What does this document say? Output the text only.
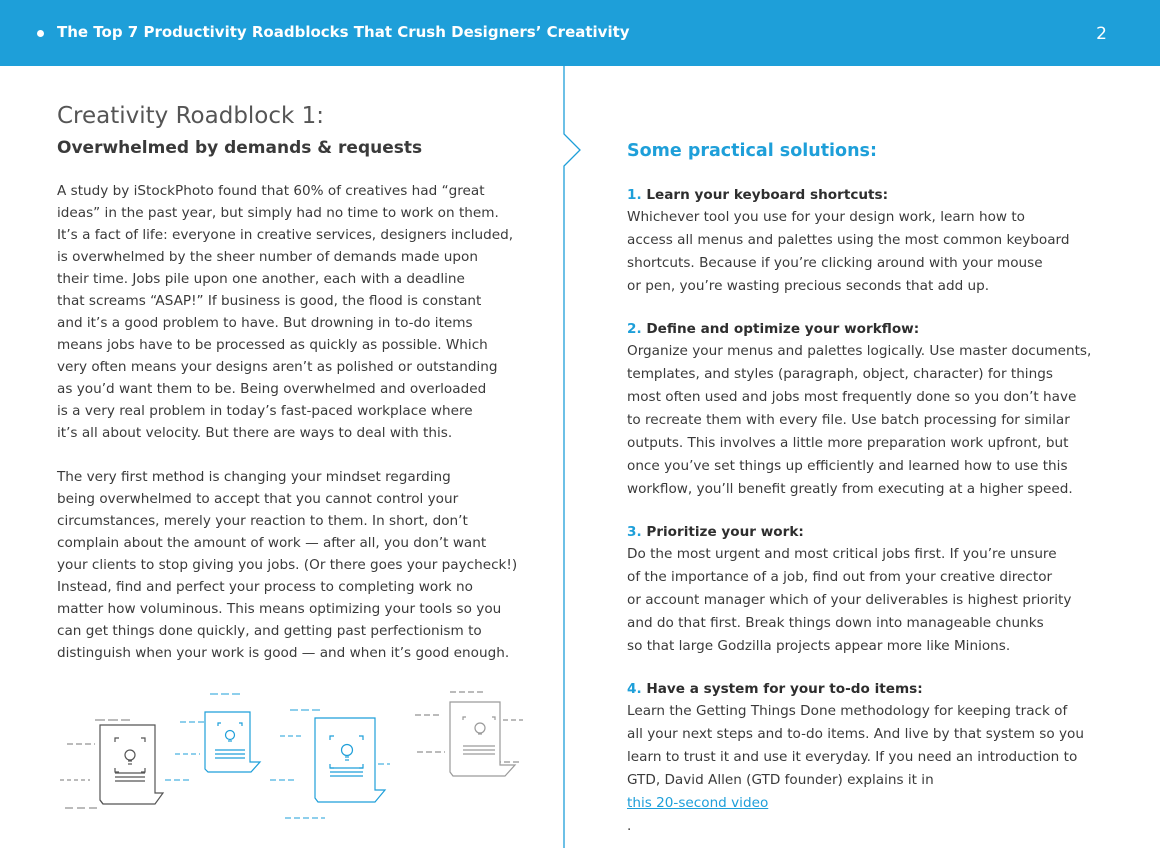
The Top 7 Productivity Roadblocks That Crush Designers’ Creativity	2
Creativity Roadblock 1:
Overwhelmed by demands & requests

A study by iStockPhoto found that 60% of creatives had “great
ideas” in the past year, but simply had no time to work on them.
It’s a fact of life: everyone in creative services, designers included,
is overwhelmed by the sheer number of demands made upon
their time. Jobs pile upon one another, each with a deadline
that screams “ASAP!” If business is good, the flood is constant
and it’s a good problem to have. But drowning in to-do items
means jobs have to be processed as quickly as possible. Which
very often means your designs aren’t as polished or outstanding
as you’d want them to be. Being overwhelmed and overloaded
is a very real problem in today’s fast-paced workplace where
it’s all about velocity. But there are ways to deal with this.

The very first method is changing your mindset regarding
being overwhelmed to accept that you cannot control your
circumstances, merely your reaction to them. In short, don’t
complain about the amount of work — after all, you don’t want
your clients to stop giving you jobs. (Or there goes your paycheck!)
Instead, find and perfect your process to completing work no
matter how voluminous. This means optimizing your tools so you
can get things done quickly, and getting past perfectionism to
distinguish when your work is good — and when it’s good enough.

Some practical solutions:
1. Learn your keyboard shortcuts:

Whichever tool you use for your design work, learn how to
access all menus and palettes using the most common keyboard
shortcuts. Because if you’re clicking around with your mouse
or pen, you’re wasting precious seconds that add up.

2. Define and optimize your workflow:

Organize your menus and palettes logically. Use master documents,
templates, and styles (paragraph, object, character) for things
most often used and jobs most frequently done so you don’t have
to recreate them with every file. Use batch processing for similar
outputs. This involves a little more preparation work upfront, but
once you’ve set things up efficiently and learned how to use this
workflow, you’ll benefit greatly from executing at a higher speed.

3. Prioritize your work:

Do the most urgent and most critical jobs first. If you’re unsure
of the importance of a job, find out from your creative director
or account manager which of your deliverables is highest priority
and do that first. Break things down into manageable chunks
so that large Godzilla projects appear more like Minions.

4. Have a system for your to-do items:

Learn the Getting Things Done methodology for keeping track of
all your next steps and to-do items. And live by that system so you
learn to trust it and use it everyday. If you need an introduction to
GTD, David Allen (GTD founder) explains it in
this 20-second video
.
